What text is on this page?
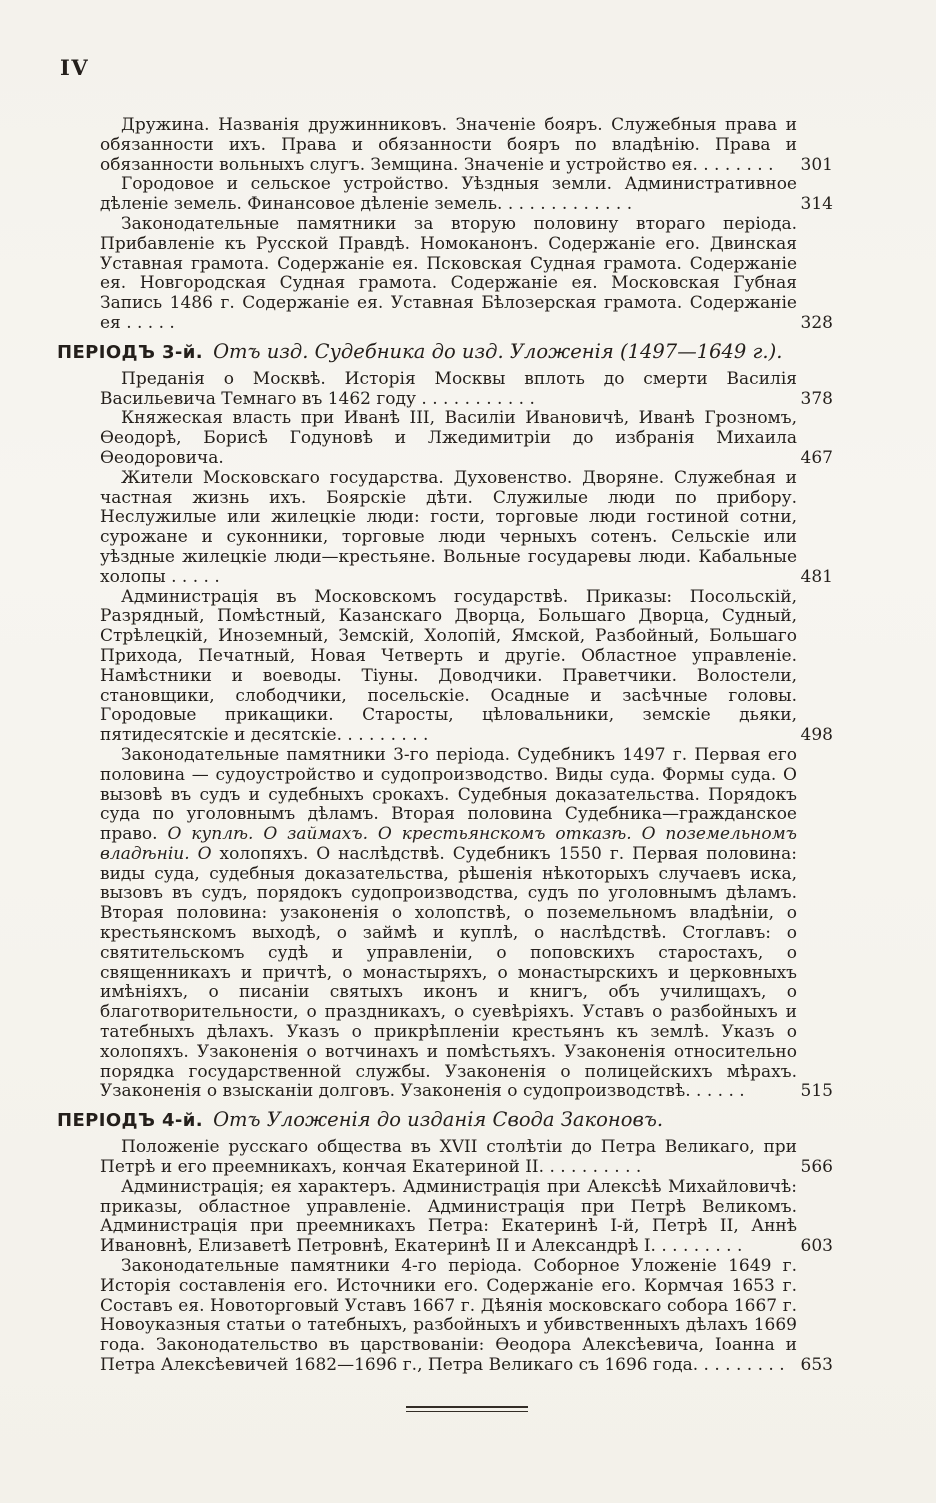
IV

Дружина. Названія дружинниковъ. Значеніе бояръ. Служебныя права и обязанности ихъ. Права и обязанности бояръ по владѣнію. Права и обязанности вольныхъ слугъ. Земщина. Значеніе и устройство ея. . . . . . . . 301

Городовое и сельское устройство. Уѣздныя земли. Административное дѣленіе земель. Финансовое дѣленіе земель. . . . . . . . . . . . .	314

Законодательные памятники за вторую половину втораго періода. Прибавленіе къ Русской Правдѣ. Номоканонъ. Содержаніе его. Двинская Уставная грамота. Содержаніе ея. Псковская Судная грамота. Содержаніе ея. Новгородская Судная грамота. Содержаніе ея. Московская Губная Запись 1486 г. Содержаніе ея. Уставная Бѣлозерская грамота. Содержаніе ея . . . . .	328

ПЕРІОДЪ 3-й. Отъ изд. Судебника до изд. Уложенія (1497—1649 г.).

Преданія о Москвѣ. Исторія Москвы вплоть до смерти Василія Васильевича Темнаго въ 1462 году . . . . . . . . . . .	378

Княжеская власть при Иванѣ III, Василіи Ивановичѣ, Иванѣ Грозномъ, Ѳеодорѣ, Борисѣ Годуновѣ и Лжедимитріи до избранія Михаила Ѳеодоровича.	467

Жители Московскаго государства. Духовенство. Дворяне. Служебная и частная жизнь ихъ. Боярскіе дѣти. Служилые люди по прибору. Неслужилые или жилецкіе люди: гости, торговые люди гостиной сотни, сурожане и суконники, торговые люди черныхъ сотенъ. Сельскіе или уѣздные жилецкіе люди—крестьяне. Вольные государевы люди. Кабальные холопы . . . . .	481

Администрація въ Московскомъ государствѣ. Приказы: Посольскій, Разрядный, Помѣстный, Казанскаго Дворца, Большаго Дворца, Судный, Стрѣлецкій, Иноземный, Земскій, Холопій, Ямской, Разбойный, Большаго Прихода, Печатный, Новая Четверть и другіе. Областное управленіе. Намѣстники и воеводы. Тіуны. Доводчики. Праветчики. Волостели, становщики, слободчики, посельскіе. Осадные и засѣчные головы. Городовые прикащики. Старосты, цѣловальники, земскіе дьяки, пятидесятскіе и десятскіе. . . . . . . . .	498

Законодательные памятники 3-го періода. Судебникъ 1497 г. Первая его половина — судоустройство и судопроизводство. Виды суда. Формы суда. О вызовѣ въ судъ и судебныхъ срокахъ. Судебныя доказательства. Порядокъ суда по уголовнымъ дѣламъ. Вторая половина Судебника—гражданское право. О куплѣ. О займахъ. О крестьянскомъ отказѣ. О поземельномъ владѣніи. О холопяхъ. О наслѣдствѣ. Судебникъ 1550 г. Первая половина: виды суда, судебныя доказательства, рѣшенія нѣкоторыхъ случаевъ иска, вызовъ въ судъ, порядокъ судопроизводства, судъ по уголовнымъ дѣламъ. Вторая половина: узаконенія о холопствѣ, о поземельномъ владѣніи, о крестьянскомъ выходѣ, о займѣ и куплѣ, о наслѣдствѣ. Стоглавъ: о святительскомъ судѣ и управленіи, о поповскихъ старостахъ, о священникахъ и причтѣ, о монастыряхъ, о монастырскихъ и церковныхъ имѣніяхъ, о писаніи святыхъ иконъ и книгъ, объ училищахъ, о благотворительности, о праздникахъ, о суевѣріяхъ. Уставъ о разбойныхъ и татебныхъ дѣлахъ. Указъ о прикрѣпленіи крестьянъ къ землѣ. Указъ о холопяхъ. Узаконенія о вотчинахъ и помѣстьяхъ. Узаконенія относительно порядка государственной службы. Узаконенія о полицейскихъ мѣрахъ. Узаконенія о взысканіи долговъ. Узаконенія о судопроизводствѣ. . . . . .	515

ПЕРІОДЪ 4-й. Отъ Уложенія до изданія Свода Законовъ.

Положеніе русскаго общества въ XVII столѣтіи до Петра Великаго, при Петрѣ и его преемникахъ, кончая Екатериной II. . . . . . . . . .	566

Администрація; ея характеръ. Администрація при Алексѣѣ Михайловичѣ: приказы, областное управленіе. Администрація при Петрѣ Великомъ. Администрація при преемникахъ Петра: Екатеринѣ I-й, Петрѣ II, Аннѣ Ивановнѣ, Елизаветѣ Петровнѣ, Екатеринѣ II и Александрѣ I. . . . . . . . .	603

Законодательные памятники 4-го періода. Соборное Уложеніе 1649 г. Исторія составленія его. Источники его. Содержаніе его. Кормчая 1653 г. Составъ ея. Новоторговый Уставъ 1667 г. Дѣянія московскаго собора 1667 г. Новоуказныя статьи о татебныхъ, разбойныхъ и убивственныхъ дѣлахъ 1669 года. Законодательство въ царствованіи: Ѳеодора Алексѣевича, Іоанна и Петра Алексѣевичей 1682—1696 г., Петра Великаго съ 1696 года. . . . . . . . . 653
